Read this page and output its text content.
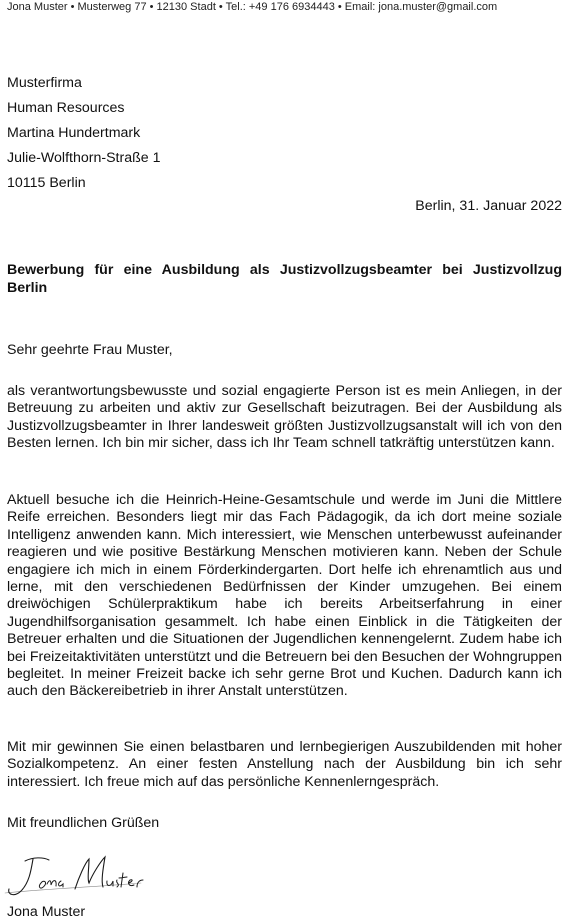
Jona Muster • Musterweg 77 • 12130 Stadt • Tel.: +49 176 6934443 • Email: jona.muster@gmail.com
Musterfirma
Human Resources
Martina Hundertmark
Julie-Wolfthorn-Straße 1
10115 Berlin
Berlin, 31. Januar 2022
Bewerbung für eine Ausbildung als Justizvollzugsbeamter bei Justizvollzug Berlin
Sehr geehrte Frau Muster,
als verantwortungsbewusste und sozial engagierte Person ist es mein Anliegen, in der Betreuung zu arbeiten und aktiv zur Gesellschaft beizutragen. Bei der Ausbildung als Justizvollzugsbeamter in Ihrer landesweit größten Justizvollzugsanstalt will ich von den Besten lernen. Ich bin mir sicher, dass ich Ihr Team schnell tatkräftig unterstützen kann.
Aktuell besuche ich die Heinrich-Heine-Gesamtschule und werde im Juni die Mittlere Reife erreichen. Besonders liegt mir das Fach Pädagogik, da ich dort meine soziale Intelligenz anwenden kann. Mich interessiert, wie Menschen unterbewusst aufeinander reagieren und wie positive Bestärkung Menschen motivieren kann. Neben der Schule engagiere ich mich in einem Förderkindergarten. Dort helfe ich ehrenamtlich aus und lerne, mit den verschiedenen Bedürfnissen der Kinder umzugehen. Bei einem dreiwöchigen Schülerpraktikum habe ich bereits Arbeitserfahrung in einer Jugendhilfsorganisation gesammelt. Ich habe einen Einblick in die Tätigkeiten der Betreuer erhalten und die Situationen der Jugendlichen kennengelernt. Zudem habe ich bei Freizeitaktivitäten unterstützt und die Betreuern bei den Besuchen der Wohngruppen begleitet. In meiner Freizeit backe ich sehr gerne Brot und Kuchen. Dadurch kann ich auch den Bäckereibetrieb in ihrer Anstalt unterstützen.
Mit mir gewinnen Sie einen belastbaren und lernbegierigen Auszubildenden mit hoher Sozialkompetenz. An einer festen Anstellung nach der Ausbildung bin ich sehr interessiert. Ich freue mich auf das persönliche Kennenlerngespräch.
Mit freundlichen Grüßen
Jona Muster
